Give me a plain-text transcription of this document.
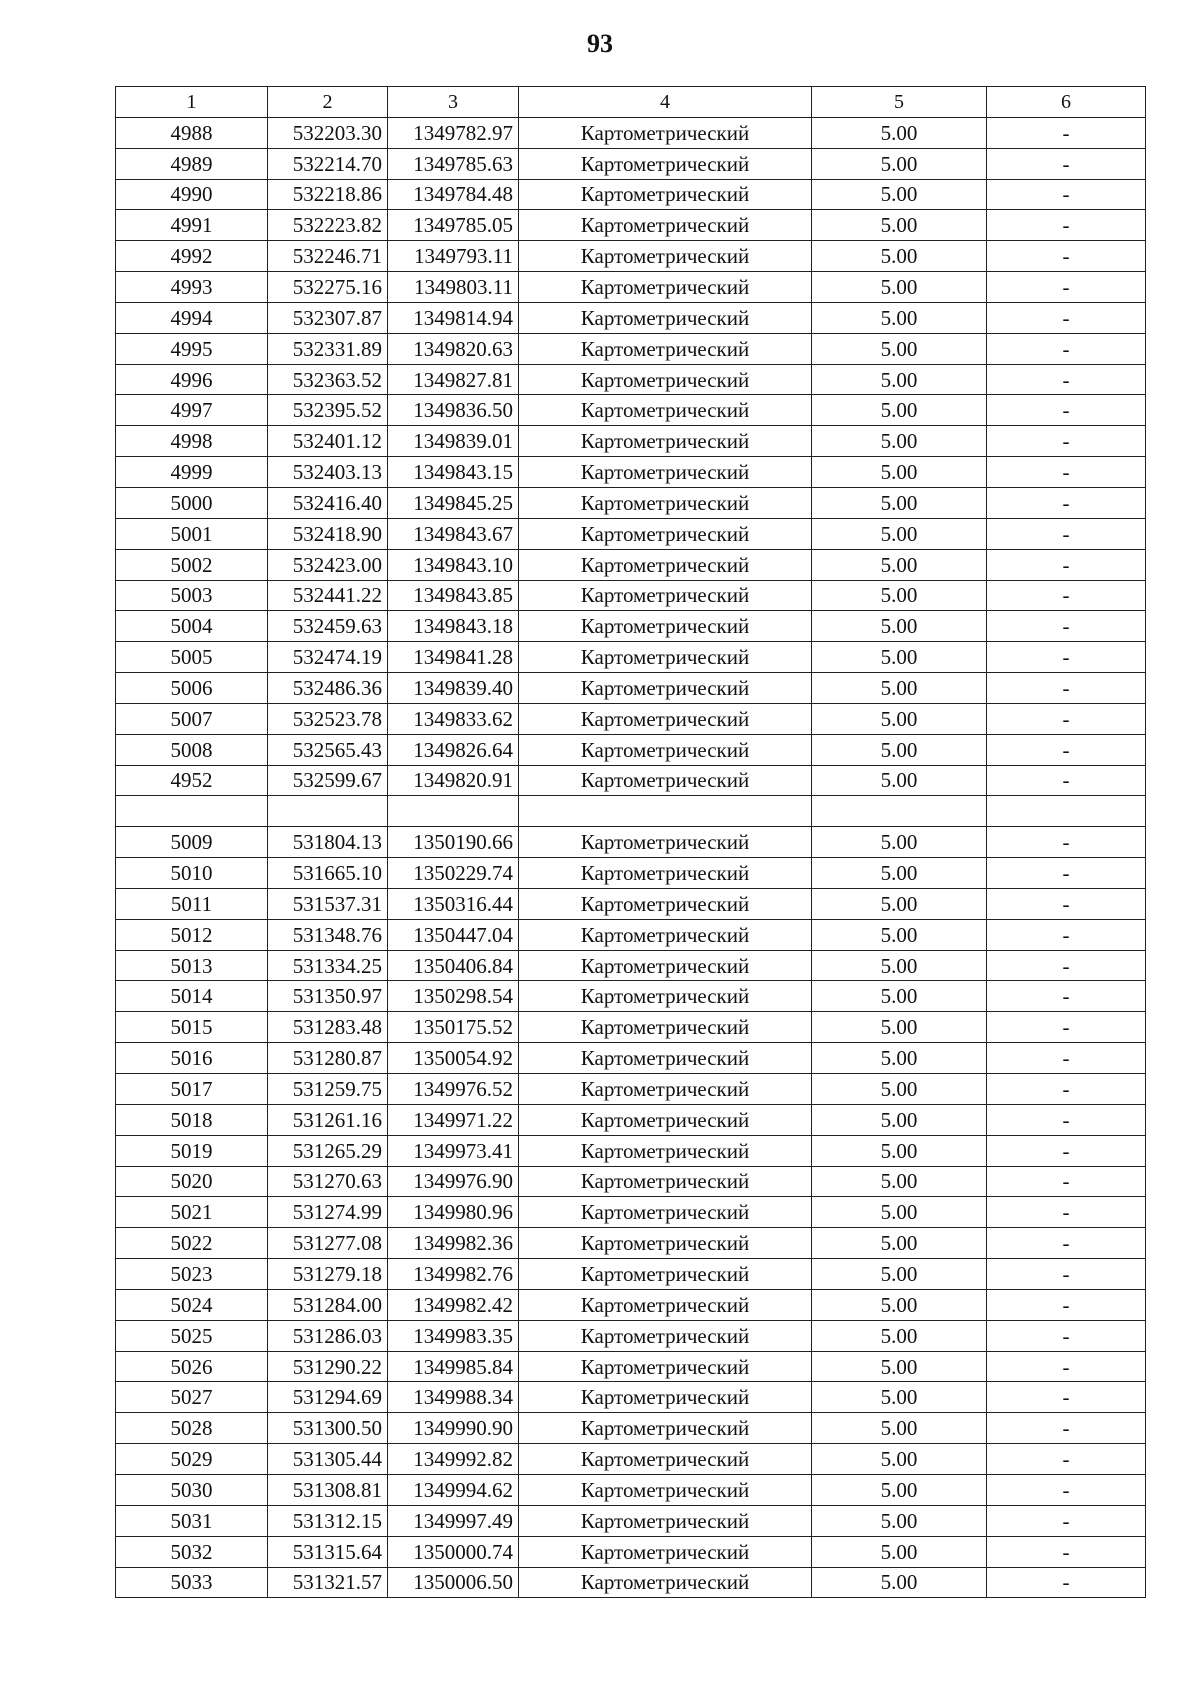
93
1	2	3	4	5	6
4988	532203.30	1349782.97	Картометрический	5.00	-
4989	532214.70	1349785.63	Картометрический	5.00	-
4990	532218.86	1349784.48	Картометрический	5.00	-
4991	532223.82	1349785.05	Картометрический	5.00	-
4992	532246.71	1349793.11	Картометрический	5.00	-
4993	532275.16	1349803.11	Картометрический	5.00	-
4994	532307.87	1349814.94	Картометрический	5.00	-
4995	532331.89	1349820.63	Картометрический	5.00	-
4996	532363.52	1349827.81	Картометрический	5.00	-
4997	532395.52	1349836.50	Картометрический	5.00	-
4998	532401.12	1349839.01	Картометрический	5.00	-
4999	532403.13	1349843.15	Картометрический	5.00	-
5000	532416.40	1349845.25	Картометрический	5.00	-
5001	532418.90	1349843.67	Картометрический	5.00	-
5002	532423.00	1349843.10	Картометрический	5.00	-
5003	532441.22	1349843.85	Картометрический	5.00	-
5004	532459.63	1349843.18	Картометрический	5.00	-
5005	532474.19	1349841.28	Картометрический	5.00	-
5006	532486.36	1349839.40	Картометрический	5.00	-
5007	532523.78	1349833.62	Картометрический	5.00	-
5008	532565.43	1349826.64	Картометрический	5.00	-
4952	532599.67	1349820.91	Картометрический	5.00	-

5009	531804.13	1350190.66	Картометрический	5.00	-
5010	531665.10	1350229.74	Картометрический	5.00	-
5011	531537.31	1350316.44	Картометрический	5.00	-
5012	531348.76	1350447.04	Картометрический	5.00	-
5013	531334.25	1350406.84	Картометрический	5.00	-
5014	531350.97	1350298.54	Картометрический	5.00	-
5015	531283.48	1350175.52	Картометрический	5.00	-
5016	531280.87	1350054.92	Картометрический	5.00	-
5017	531259.75	1349976.52	Картометрический	5.00	-
5018	531261.16	1349971.22	Картометрический	5.00	-
5019	531265.29	1349973.41	Картометрический	5.00	-
5020	531270.63	1349976.90	Картометрический	5.00	-
5021	531274.99	1349980.96	Картометрический	5.00	-
5022	531277.08	1349982.36	Картометрический	5.00	-
5023	531279.18	1349982.76	Картометрический	5.00	-
5024	531284.00	1349982.42	Картометрический	5.00	-
5025	531286.03	1349983.35	Картометрический	5.00	-
5026	531290.22	1349985.84	Картометрический	5.00	-
5027	531294.69	1349988.34	Картометрический	5.00	-
5028	531300.50	1349990.90	Картометрический	5.00	-
5029	531305.44	1349992.82	Картометрический	5.00	-
5030	531308.81	1349994.62	Картометрический	5.00	-
5031	531312.15	1349997.49	Картометрический	5.00	-
5032	531315.64	1350000.74	Картометрический	5.00	-
5033	531321.57	1350006.50	Картометрический	5.00	-
